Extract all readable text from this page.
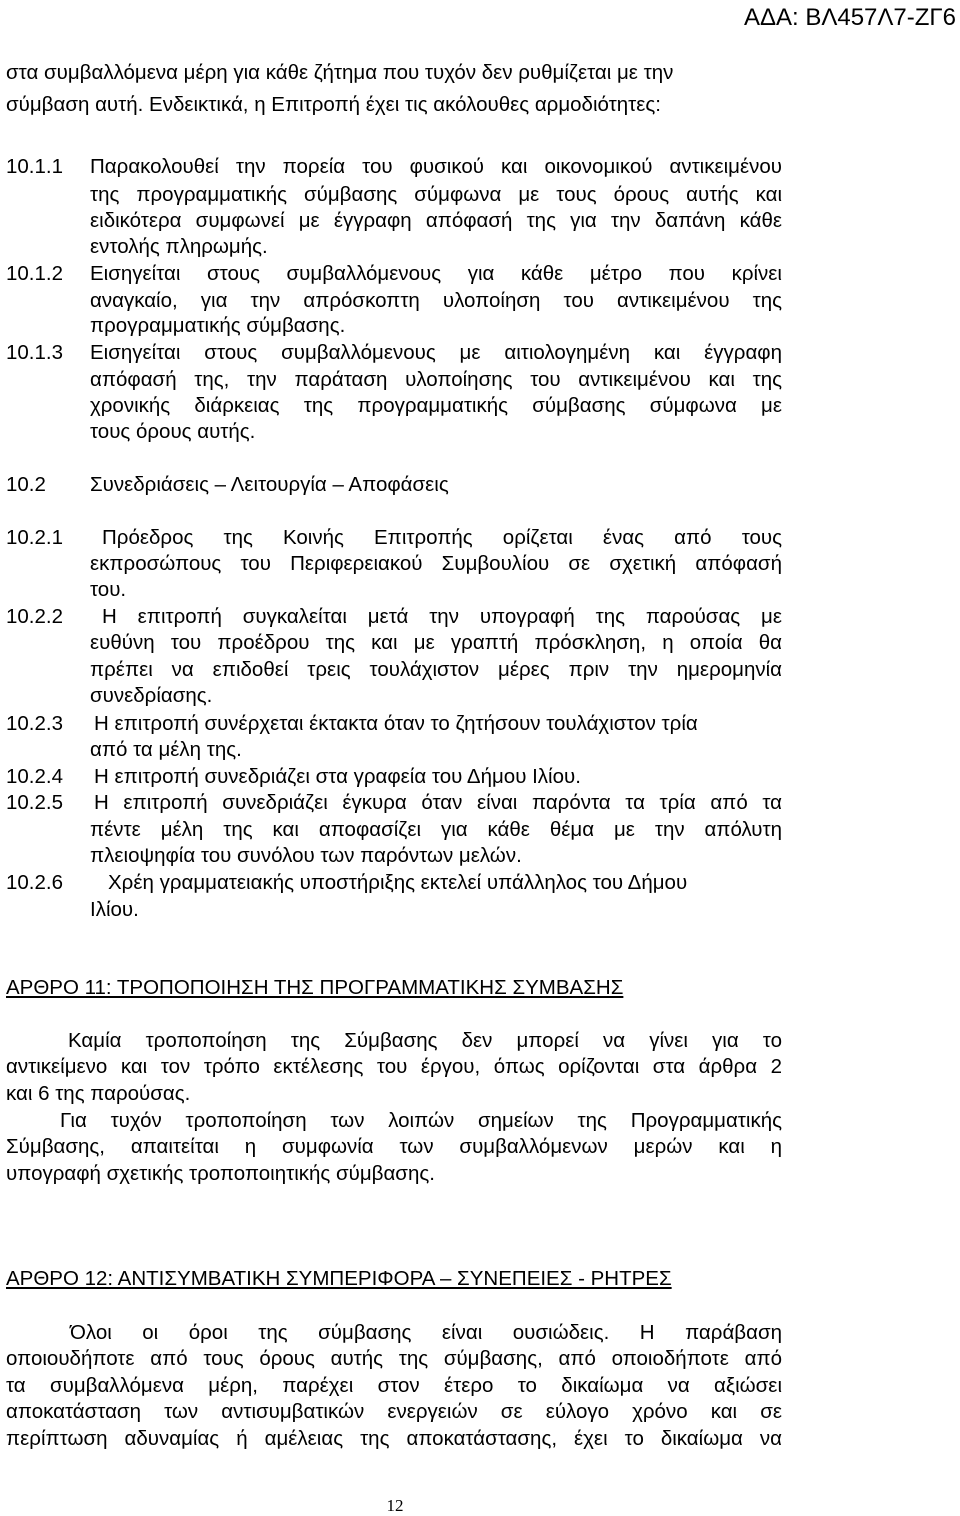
ΑΔΑ: ΒΛ457Λ7-ΖΓ6
στα συμβαλλόμενα μέρη για κάθε ζήτημα που τυχόν δεν ρυθμίζεται με την
σύμβαση αυτή. Ενδεικτικά, η Επιτροπή έχει τις ακόλουθες αρμοδιότητες:
10.1.1 Παρακολουθεί την πορεία του φυσικού και οικονομικού αντικειμένου
της προγραμματικής σύμβασης σύμφωνα με τους όρους αυτής και
ειδικότερα συμφωνεί με έγγραφη απόφασή της για την δαπάνη κάθε
εντολής πληρωμής.
10.1.2 Εισηγείται στους συμβαλλόμενους για κάθε μέτρο που κρίνει
αναγκαίο, για την απρόσκοπτη υλοποίηση του αντικειμένου της
προγραμματικής σύμβασης.
10.1.3 Εισηγείται στους συμβαλλόμενους με αιτιολογημένη και έγγραφη
απόφασή της, την παράταση υλοποίησης του αντικειμένου και της
χρονικής διάρκειας της προγραμματικής σύμβασης σύμφωνα με
τους όρους αυτής.
10.2 Συνεδριάσεις – Λειτουργία – Αποφάσεις
10.2.1 Πρόεδρος της Κοινής Επιτροπής ορίζεται ένας από τους
εκπροσώπους του Περιφερειακού Συμβουλίου σε σχετική απόφασή
του.
10.2.2 Η επιτροπή συγκαλείται μετά την υπογραφή της παρούσας με
ευθύνη του προέδρου της και με γραπτή πρόσκληση, η οποία θα
πρέπει να επιδοθεί τρεις τουλάχιστον μέρες πριν την ημερομηνία
συνεδρίασης.
10.2.3 Η επιτροπή συνέρχεται έκτακτα όταν το ζητήσουν τουλάχιστον τρία
από τα μέλη της.
10.2.4 Η επιτροπή συνεδριάζει στα γραφεία του Δήμου Ιλίου.
10.2.5 Η επιτροπή συνεδριάζει έγκυρα όταν είναι παρόντα τα τρία από τα
πέντε μέλη της και αποφασίζει για κάθε θέμα με την απόλυτη
πλειοψηφία του συνόλου των παρόντων μελών.
10.2.6 Χρέη γραμματειακής υποστήριξης εκτελεί υπάλληλος του Δήμου
Ιλίου.
ΑΡΘΡΟ 11: ΤΡΟΠΟΠΟΙΗΣΗ ΤΗΣ ΠΡΟΓΡΑΜΜΑΤΙΚΗΣ ΣΥΜΒΑΣΗΣ
Καμία τροποποίηση της Σύμβασης δεν μπορεί να γίνει για το
αντικείμενο και τον τρόπο εκτέλεσης του έργου, όπως ορίζονται στα άρθρα 2
και 6 της παρούσας.
Για τυχόν τροποποίηση των λοιπών σημείων της Προγραμματικής
Σύμβασης, απαιτείται η συμφωνία των συμβαλλόμενων μερών και η
υπογραφή σχετικής τροποποιητικής σύμβασης.
ΑΡΘΡΟ 12: ΑΝΤΙΣΥΜΒΑΤΙΚΗ ΣΥΜΠΕΡΙΦΟΡΑ – ΣΥΝΕΠΕΙΕΣ - ΡΗΤΡΕΣ
Όλοι οι όροι της σύμβασης είναι ουσιώδεις. Η παράβαση
οποιουδήποτε από τους όρους αυτής της σύμβασης, από οποιοδήποτε από
τα συμβαλλόμενα μέρη, παρέχει στον έτερο το δικαίωμα να αξιώσει
αποκατάσταση των αντισυμβατικών ενεργειών σε εύλογο χρόνο και σε
περίπτωση αδυναμίας ή αμέλειας της αποκατάστασης, έχει το δικαίωμα να
12
